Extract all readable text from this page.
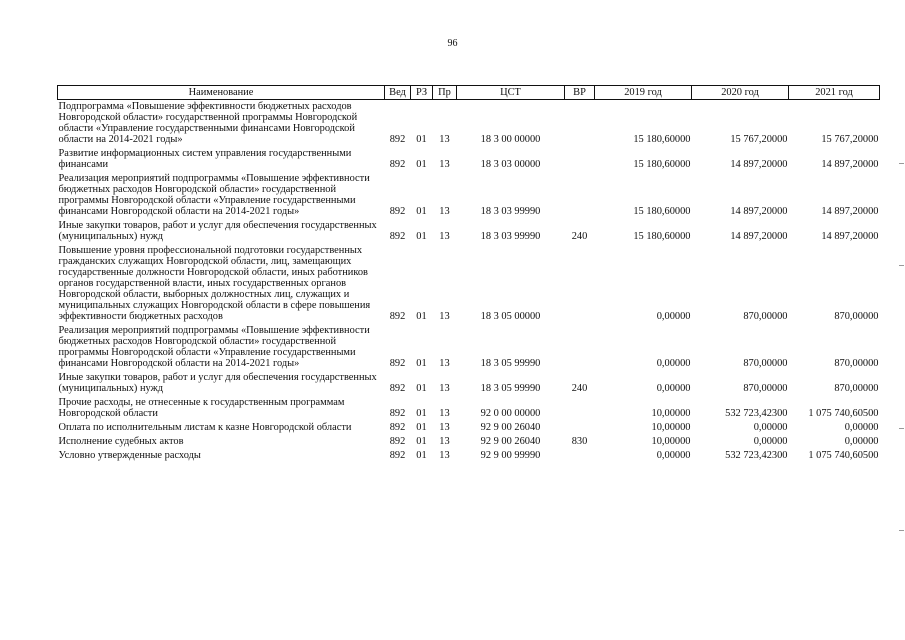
96
Наименование	Вед	РЗ	Пр	ЦСТ	ВР	2019 год	2020 год	2021 год
Подпрограмма «Повышение эффективности бюджетных расходов Новгородской области» государственной программы Новгородской области «Управление государственными финансами Новгородской области на 2014-2021 годы»	892	01	13	18 3 00 00000		15 180,60000	15 767,20000	15 767,20000
Развитие информационных систем управления государственными финансами	892	01	13	18 3 03 00000		15 180,60000	14 897,20000	14 897,20000
Реализация мероприятий подпрограммы «Повышение эффективности бюджетных расходов Новгородской области» государственной программы Новгородской области «Управление государственными финансами Новгородской области на 2014-2021 годы»	892	01	13	18 3 03 99990		15 180,60000	14 897,20000	14 897,20000
Иные закупки товаров, работ и услуг для обеспечения государственных (муниципальных) нужд	892	01	13	18 3 03 99990	240	15 180,60000	14 897,20000	14 897,20000
Повышение уровня профессиональной подготовки государственных гражданских служащих Новгородской области, лиц, замещающих государственные должности Новгородской области, иных работников органов государственной власти, иных государственных органов Новгородской области, выборных должностных лиц, служащих и муниципальных служащих Новгородской области в сфере повышения эффективности бюджетных расходов	892	01	13	18 3 05 00000		0,00000	870,00000	870,00000
Реализация мероприятий подпрограммы «Повышение эффективности бюджетных расходов Новгородской области» государственной программы Новгородской области «Управление государственными финансами Новгородской области на 2014-2021 годы»	892	01	13	18 3 05 99990		0,00000	870,00000	870,00000
Иные закупки товаров, работ и услуг для обеспечения государственных (муниципальных) нужд	892	01	13	18 3 05 99990	240	0,00000	870,00000	870,00000
Прочие расходы, не отнесенные к государственным программам Новгородской области	892	01	13	92 0 00 00000		10,00000	532 723,42300	1 075 740,60500
Оплата по исполнительным листам к казне Новгородской области	892	01	13	92 9 00 26040		10,00000	0,00000	0,00000
Исполнение судебных актов	892	01	13	92 9 00 26040	830	10,00000	0,00000	0,00000
Условно утвержденные расходы	892	01	13	92 9 00 99990		0,00000	532 723,42300	1 075 740,60500
